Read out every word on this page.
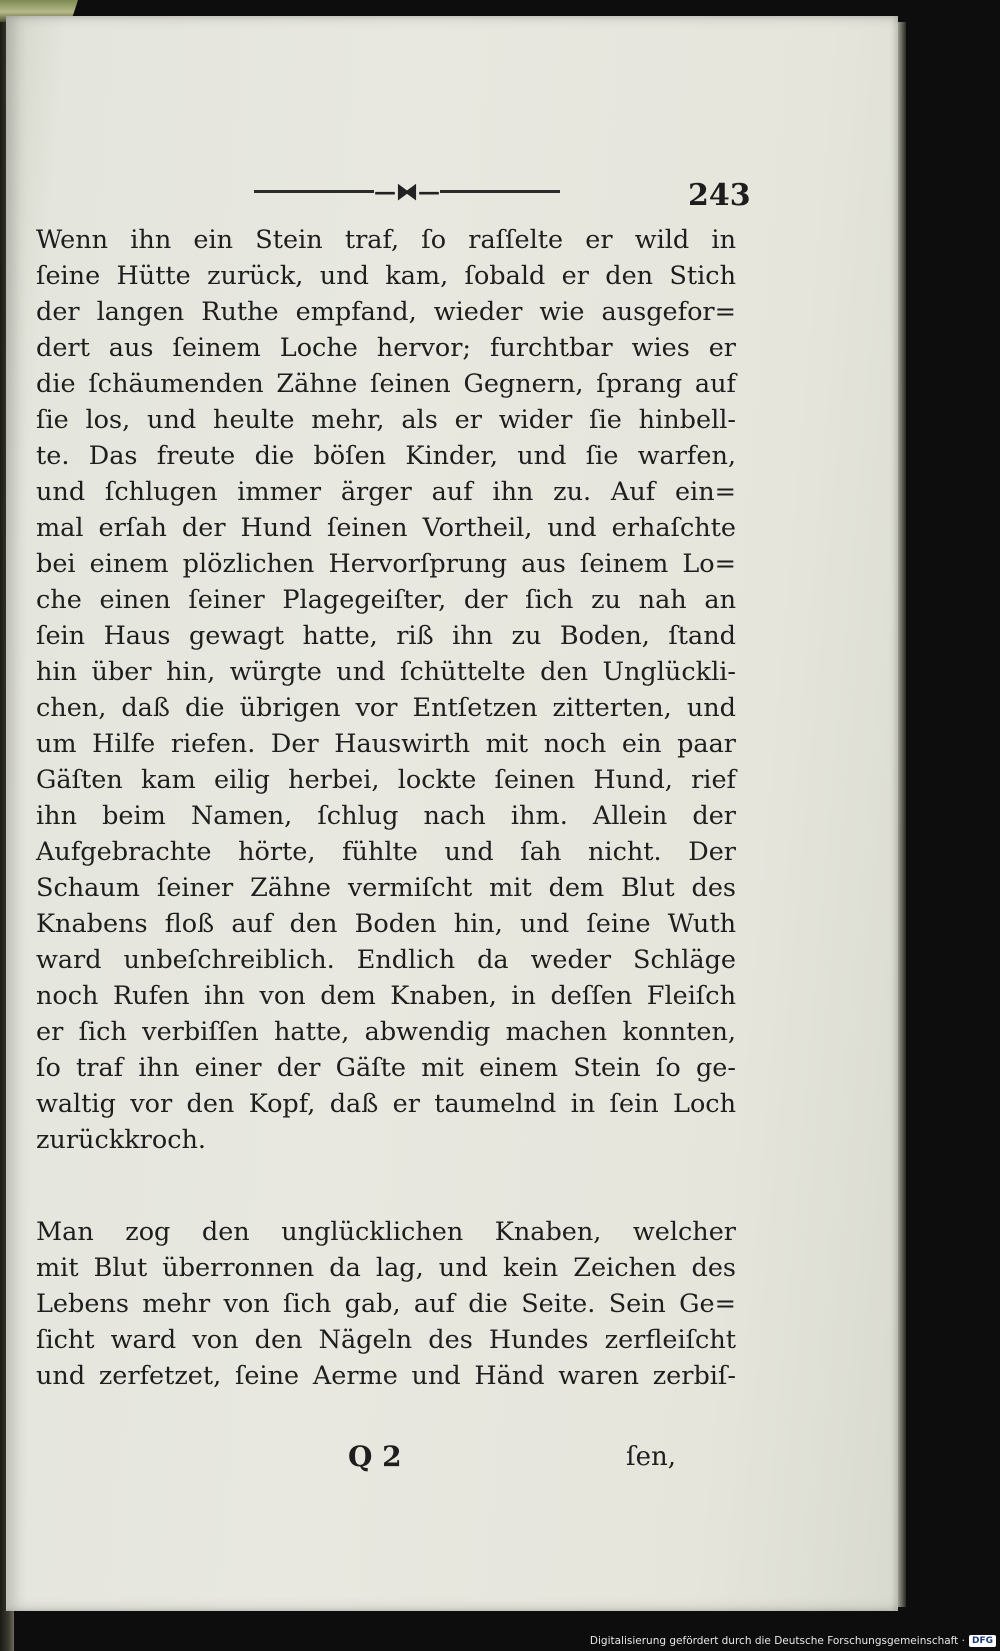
—⧓—	243
Wenn ihn ein Stein traf, ſo raſſelte er wild in
ſeine Hütte zurück, und kam, ſobald er den Stich
der langen Ruthe empfand, wieder wie ausgefor=
dert aus ſeinem Loche hervor; furchtbar wies er
die ſchäumenden Zähne ſeinen Gegnern, ſprang auf
ſie los, und heulte mehr, als er wider ſie hinbell-
te. Das freute die böſen Kinder, und ſie warfen,
und ſchlugen immer ärger auf ihn zu. Auf ein=
mal erſah der Hund ſeinen Vortheil, und erhaſchte
bei einem plözlichen Hervorſprung aus ſeinem Lo=
che einen ſeiner Plagegeiſter, der ſich zu nah an
ſein Haus gewagt hatte, riß ihn zu Boden, ſtand
hin über hin, würgte und ſchüttelte den Unglückli-
chen, daß die übrigen vor Entſetzen zitterten, und
um Hilfe riefen. Der Hauswirth mit noch ein paar
Gäſten kam eilig herbei, lockte ſeinen Hund, rief
ihn beim Namen, ſchlug nach ihm. Allein der
Aufgebrachte hörte, fühlte und ſah nicht. Der
Schaum ſeiner Zähne vermiſcht mit dem Blut des
Knabens floß auf den Boden hin, und ſeine Wuth
ward unbeſchreiblich. Endlich da weder Schläge
noch Rufen ihn von dem Knaben, in deſſen Fleiſch
er ſich verbiſſen hatte, abwendig machen konnten,
ſo traf ihn einer der Gäſte mit einem Stein ſo ge-
waltig vor den Kopf, daß er taumelnd in ſein Loch
zurückkroch.
Man zog den unglücklichen Knaben, welcher
mit Blut überronnen da lag, und kein Zeichen des
Lebens mehr von ſich gab, auf die Seite. Sein Ge=
ſicht ward von den Nägeln des Hundes zerfleiſcht
und zerfetzet, ſeine Aerme und Händ waren zerbiſ-
Q 2	ſen,
Digitalisierung gefördert durch die Deutsche Forschungsgemeinschaft · DFG
